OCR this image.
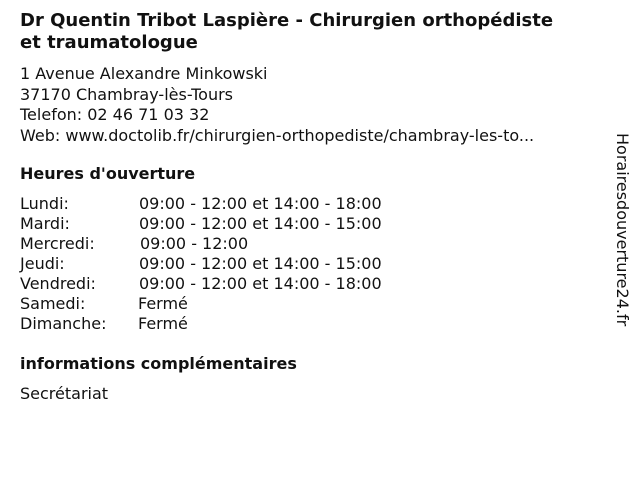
Dr Quentin Tribot Laspière - Chirurgien orthopédiste
et traumatologue
1 Avenue Alexandre Minkowski
37170 Chambray-lès-Tours
Telefon: 02 46 71 03 32
Web: www.doctolib.fr/chirurgien-orthopediste/chambray-les-to...
Heures d'ouverture
Lundi:	09:00 - 12:00 et 14:00 - 18:00
Mardi:	09:00 - 12:00 et 14:00 - 15:00
Mercredi:	09:00 - 12:00
Jeudi:	09:00 - 12:00 et 14:00 - 15:00
Vendredi:	09:00 - 12:00 et 14:00 - 18:00
Samedi:	Fermé
Dimanche: Fermé
informations complémentaires
Secrétariat
Horairesdouverture24.fr
